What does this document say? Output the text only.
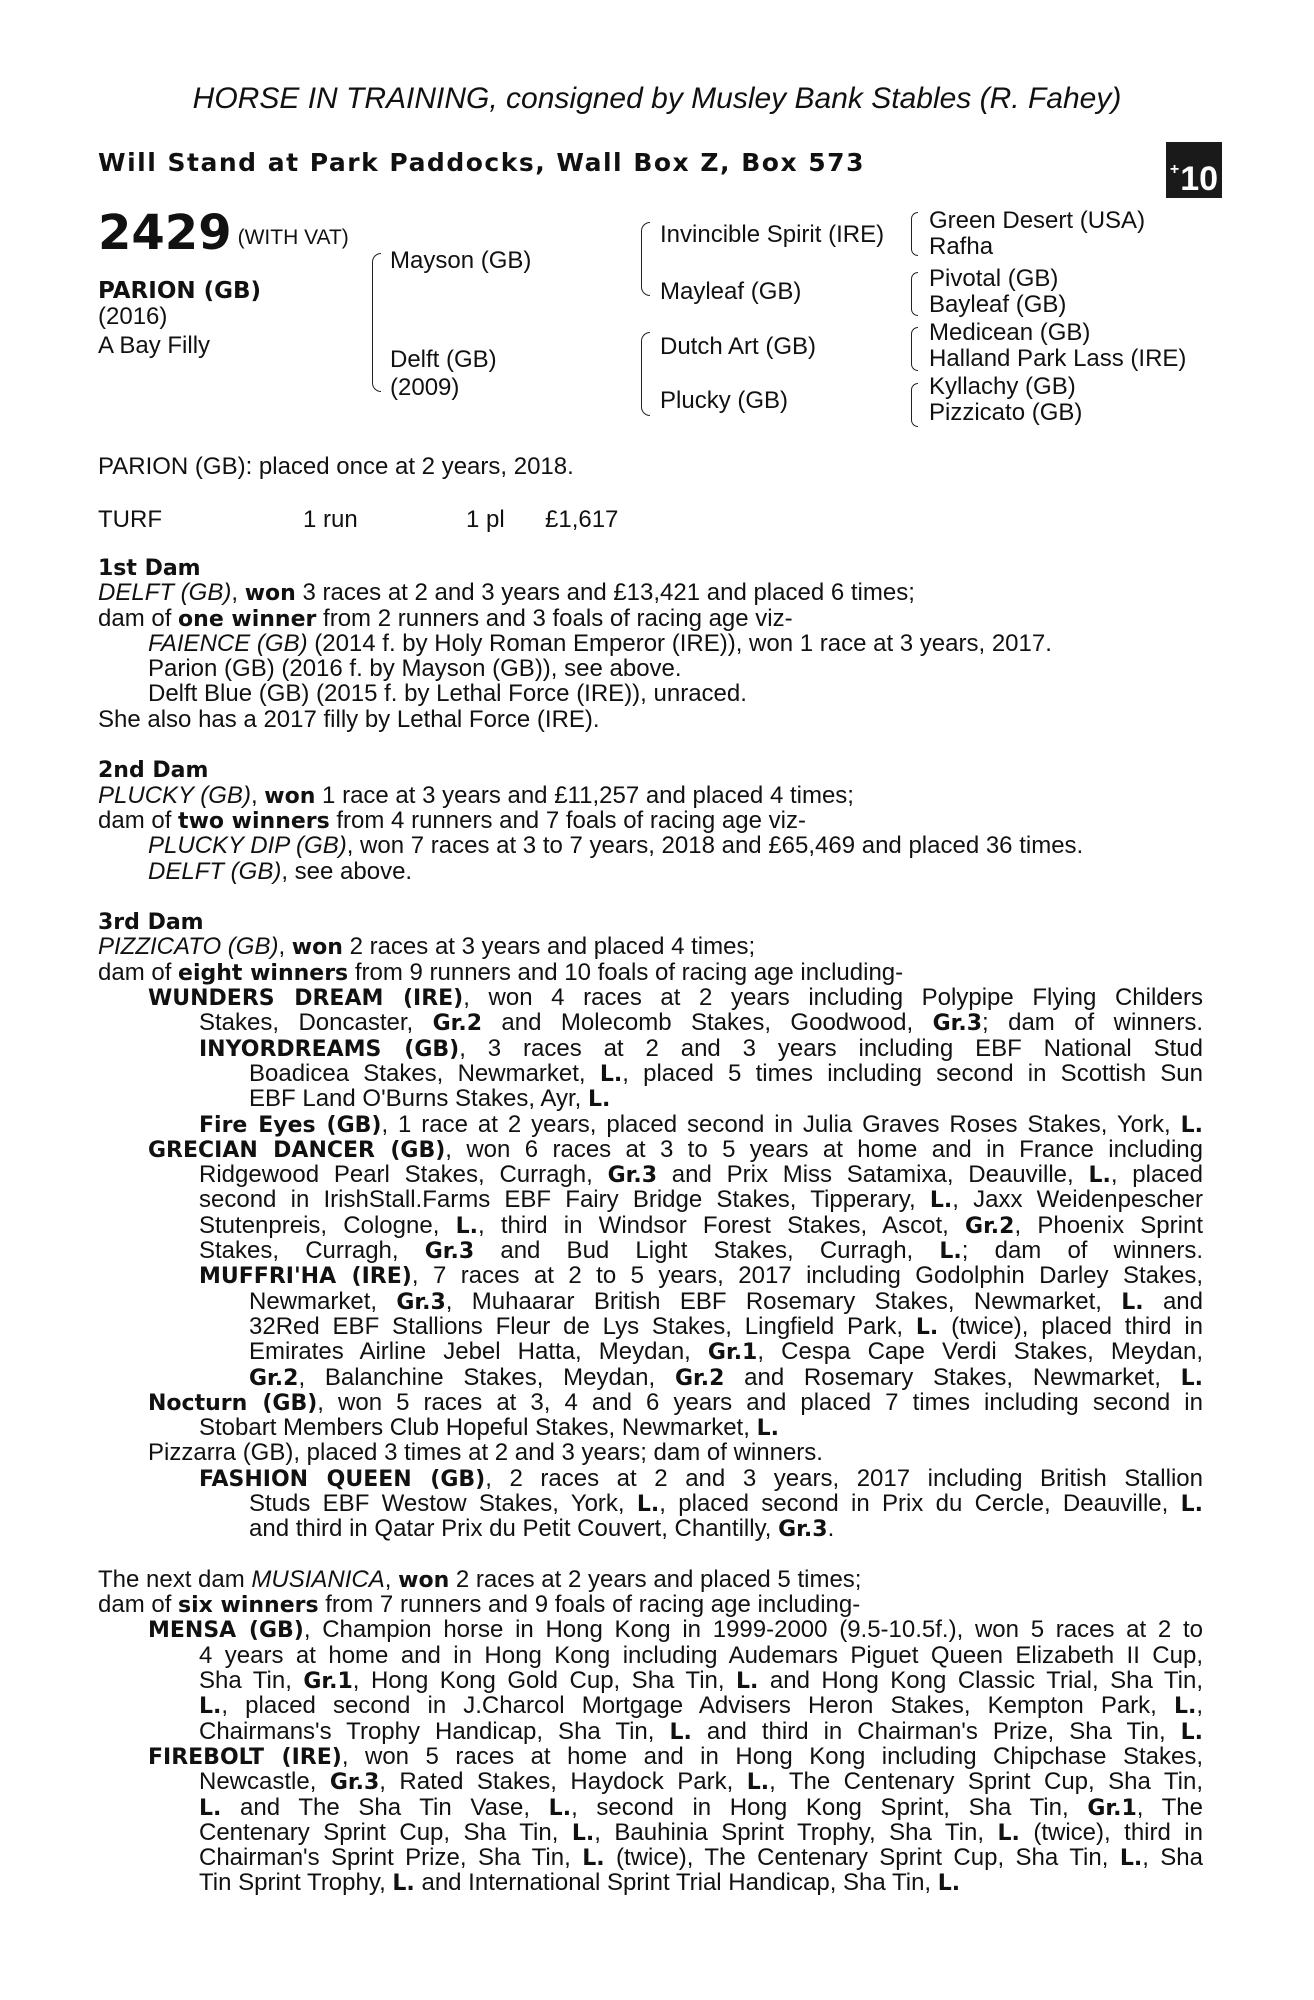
HORSE IN TRAINING, consigned by Musley Bank Stables (R. Fahey)
Will Stand at Park Paddocks, Wall Box Z, Box 573	+10
2429 (WITH VAT)
PARION (GB)
(2016)
A Bay Filly
Mayson (GB)
Delft (GB)
(2009)
Invincible Spirit (IRE)
Mayleaf (GB)
Dutch Art (GB)
Plucky (GB)
Green Desert (USA)
Rafha
Pivotal (GB)
Bayleaf (GB)
Medicean (GB)
Halland Park Lass (IRE)
Kyllachy (GB)
Pizzicato (GB)
PARION (GB): placed once at 2 years, 2018.
TURF	1 run	1 pl £1,617
1st Dam
DELFT (GB), won 3 races at 2 and 3 years and £13,421 and placed 6 times;
dam of one winner from 2 runners and 3 foals of racing age viz-
FAIENCE (GB) (2014 f. by Holy Roman Emperor (IRE)), won 1 race at 3 years, 2017.
Parion (GB) (2016 f. by Mayson (GB)), see above.
Delft Blue (GB) (2015 f. by Lethal Force (IRE)), unraced.
She also has a 2017 filly by Lethal Force (IRE).
2nd Dam
PLUCKY (GB), won 1 race at 3 years and £11,257 and placed 4 times;
dam of two winners from 4 runners and 7 foals of racing age viz-
PLUCKY DIP (GB), won 7 races at 3 to 7 years, 2018 and £65,469 and placed 36 times.
DELFT (GB), see above.
3rd Dam
PIZZICATO (GB), won 2 races at 3 years and placed 4 times;
dam of eight winners from 9 runners and 10 foals of racing age including-
WUNDERS DREAM (IRE), won 4 races at 2 years including Polypipe Flying Childers
Stakes, Doncaster, Gr.2 and Molecomb Stakes, Goodwood, Gr.3; dam of winners.
INYORDREAMS (GB), 3 races at 2 and 3 years including EBF National Stud
Boadicea Stakes, Newmarket, L., placed 5 times including second in Scottish Sun
EBF Land O'Burns Stakes, Ayr, L.
Fire Eyes (GB), 1 race at 2 years, placed second in Julia Graves Roses Stakes, York, L.
GRECIAN DANCER (GB), won 6 races at 3 to 5 years at home and in France including
Ridgewood Pearl Stakes, Curragh, Gr.3 and Prix Miss Satamixa, Deauville, L., placed
second in IrishStall.Farms EBF Fairy Bridge Stakes, Tipperary, L., Jaxx Weidenpescher
Stutenpreis, Cologne, L., third in Windsor Forest Stakes, Ascot, Gr.2, Phoenix Sprint
Stakes, Curragh, Gr.3 and Bud Light Stakes, Curragh, L.; dam of winners.
MUFFRI'HA (IRE), 7 races at 2 to 5 years, 2017 including Godolphin Darley Stakes,
Newmarket, Gr.3, Muhaarar British EBF Rosemary Stakes, Newmarket, L. and
32Red EBF Stallions Fleur de Lys Stakes, Lingfield Park, L. (twice), placed third in
Emirates Airline Jebel Hatta, Meydan, Gr.1, Cespa Cape Verdi Stakes, Meydan,
Gr.2, Balanchine Stakes, Meydan, Gr.2 and Rosemary Stakes, Newmarket, L.
Nocturn (GB), won 5 races at 3, 4 and 6 years and placed 7 times including second in
Stobart Members Club Hopeful Stakes, Newmarket, L.
Pizzarra (GB), placed 3 times at 2 and 3 years; dam of winners.
FASHION QUEEN (GB), 2 races at 2 and 3 years, 2017 including British Stallion
Studs EBF Westow Stakes, York, L., placed second in Prix du Cercle, Deauville, L.
and third in Qatar Prix du Petit Couvert, Chantilly, Gr.3.
The next dam MUSIANICA, won 2 races at 2 years and placed 5 times;
dam of six winners from 7 runners and 9 foals of racing age including-
MENSA (GB), Champion horse in Hong Kong in 1999-2000 (9.5-10.5f.), won 5 races at 2 to
4 years at home and in Hong Kong including Audemars Piguet Queen Elizabeth II Cup,
Sha Tin, Gr.1, Hong Kong Gold Cup, Sha Tin, L. and Hong Kong Classic Trial, Sha Tin,
L., placed second in J.Charcol Mortgage Advisers Heron Stakes, Kempton Park, L.,
Chairmans's Trophy Handicap, Sha Tin, L. and third in Chairman's Prize, Sha Tin, L.
FIREBOLT (IRE), won 5 races at home and in Hong Kong including Chipchase Stakes,
Newcastle, Gr.3, Rated Stakes, Haydock Park, L., The Centenary Sprint Cup, Sha Tin,
L. and The Sha Tin Vase, L., second in Hong Kong Sprint, Sha Tin, Gr.1, The
Centenary Sprint Cup, Sha Tin, L., Bauhinia Sprint Trophy, Sha Tin, L. (twice), third in
Chairman's Sprint Prize, Sha Tin, L. (twice), The Centenary Sprint Cup, Sha Tin, L., Sha
Tin Sprint Trophy, L. and International Sprint Trial Handicap, Sha Tin, L.
